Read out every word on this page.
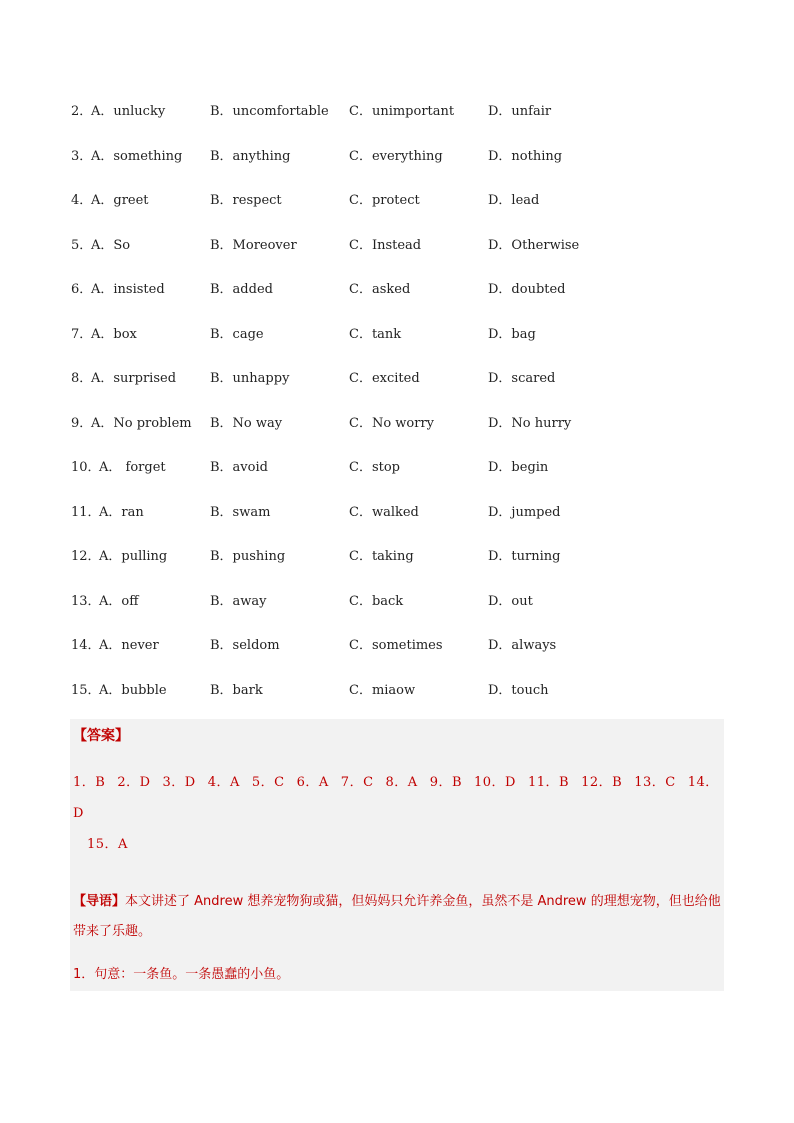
2．
A．unlucky	B．uncomfortable C．unimportant	D．unfair
3．
A．something B．anything	C．everything	D．nothing
4．
A．greet	B．respect	C．protect	D．lead
5．
A．So	B．Moreover	C．Instead	D．Otherwise
6．
A．insisted	B．added	C．asked	D．doubted
7．
A．box	B．cage	C．tank	D．bag
8．
A．surprised	B．unhappy	C．excited	D．scared
9．
A．No problem B．No way	C．No worry	D．No hurry
10．
A． forget	B．avoid	C．stop	D．begin
11．
A．ran	B．swam	C．walked	D．jumped
12．
A．pulling	B．pushing	C．taking	D．turning
13．
A．off	B．away	C．back	D．out
14．
A．never	B．seldom	C．sometimes	D．always
15．
A．bubble	B．bark	C．miaow	D．touch
【答案】
1．B 2．D 3．D 4．A 5．C 6．A 7．C 8．A 9．B 10．D 11．B 12．B 13．C 14．D
15．A
【导语】本文讲述了 Andrew 想养宠物狗或猫，但妈妈只允许养金鱼，虽然不是 Andrew 的理想宠物，但也给他带来了乐趣。
1．句意：一条鱼。一条愚蠢的小鱼。
